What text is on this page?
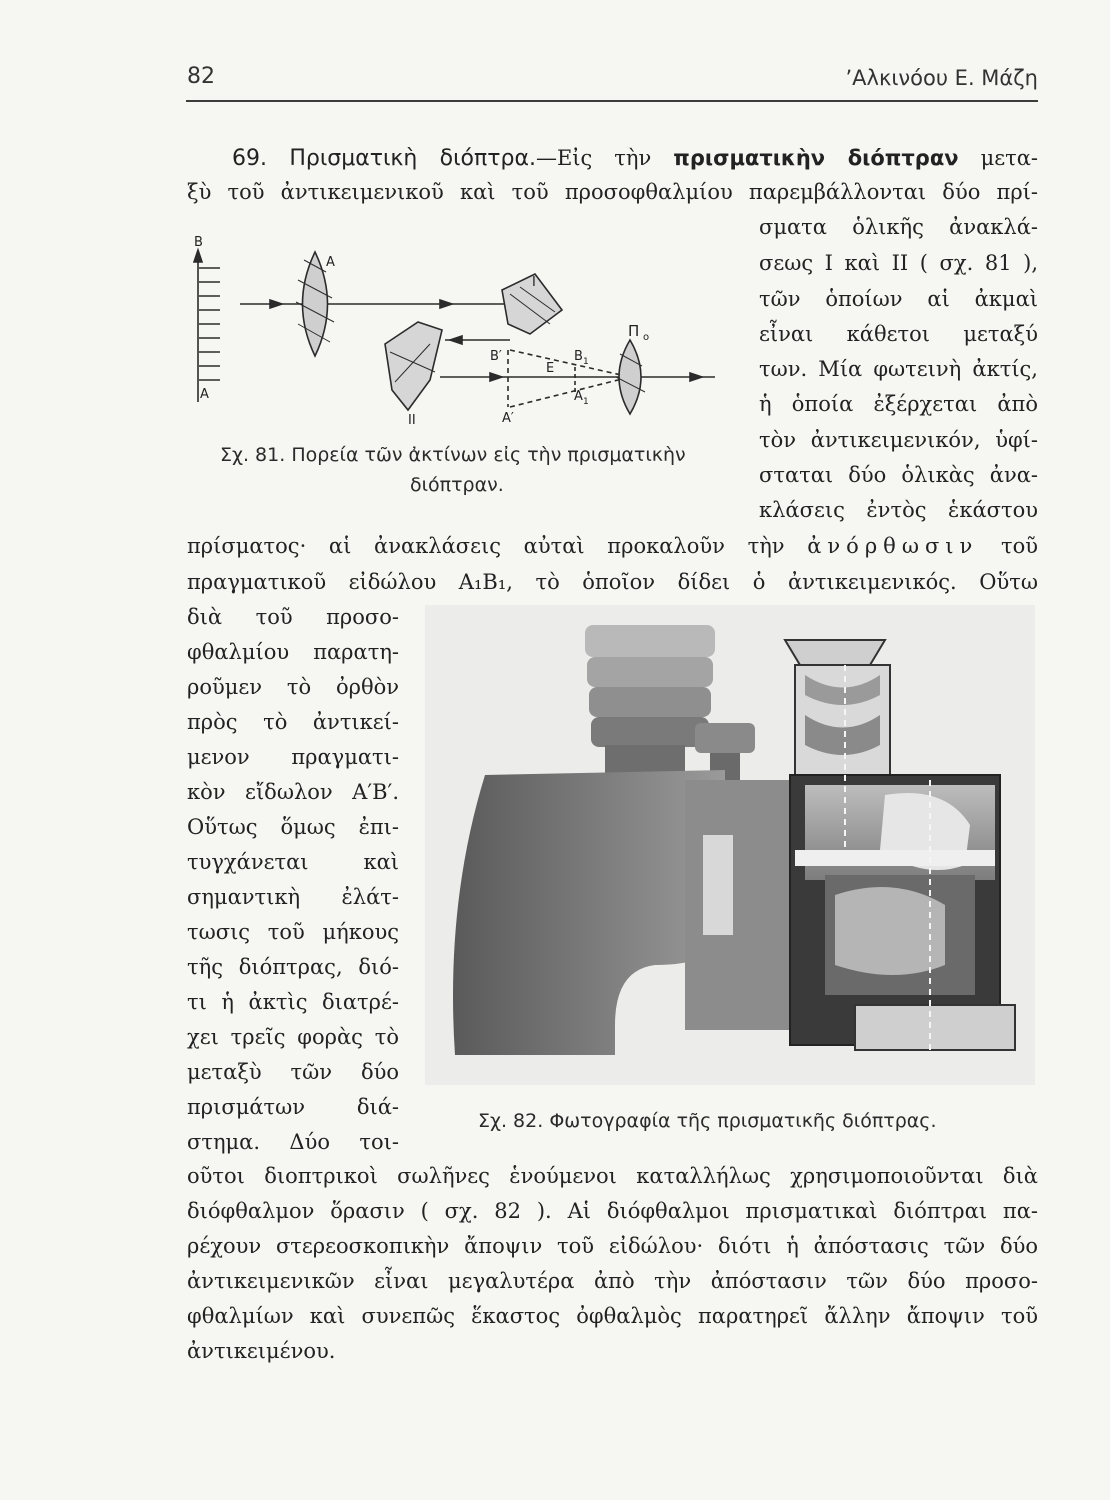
82	ʼΑλκινόου Ε. Μάζη
69. Πρισματικὴ διόπτρα.—Εἰς τὴν πρισματικὴν διόπτραν μετα-
ξὺ τοῦ ἀντικειμενικοῦ καὶ τοῦ προσοφθαλμίου παρεμβάλλονται δύο πρί-
σματα ὁλικῆς ἀνακλά-
σεως I καὶ II ( σχ. 81 ),
τῶν ὁποίων αἱ ἀκμαὶ
εἶναι κάθετοι μεταξύ
των. Μία φωτεινὴ ἀκτίς,
ἡ ὁποία ἐξέρχεται ἀπὸ
τὸν ἀντικειμενικόν, ὑφί-
σταται δύο ὁλικὰς ἀνα-
κλάσεις ἐντὸς ἑκάστου
B
A
A
I
II
Π o
B′
E
B 1
A 1
A′
Σχ. 81. Πορεία τῶν ἀκτίνων εἰς τὴν πρισματικὴν
διόπτραν.
πρίσματος· αἱ ἀνακλάσεις αὐταὶ προκαλοῦν τὴν ἀνόρθωσιν τοῦ
πραγματικοῦ εἰδώλου A₁B₁, τὸ ὁποῖον δίδει ὁ ἀντικειμενικός. Οὕτω
διὰ τοῦ προσο-
φθαλμίου παρατη-
ροῦμεν τὸ ὀρθὸν
πρὸς τὸ ἀντικεί-
μενον πραγματι-
κὸν εἴδωλον A′B′.
Οὕτως ὅμως ἐπι-
τυγχάνεται καὶ
σημαντικὴ ἐλάτ-
τωσις τοῦ μήκους
τῆς διόπτρας, διό-
τι ἡ ἀκτὶς διατρέ-
χει τρεῖς φορὰς τὸ
μεταξὺ τῶν δύο
πρισμάτων διά-
στημα. Δύο τοι-
Σχ. 82. Φωτογραφία τῆς πρισματικῆς διόπτρας.
οῦτοι διοπτρικοὶ σωλῆνες ἑνούμενοι καταλλήλως χρησιμοποιοῦνται διὰ
διόφθαλμον ὅρασιν ( σχ. 82 ). Αἱ διόφθαλμοι πρισματικαὶ διόπτραι πα-
ρέχουν στερεοσκοπικὴν ἄποψιν τοῦ εἰδώλου· διότι ἡ ἀπόστασις τῶν δύο
ἀντικειμενικῶν εἶναι μεγαλυτέρα ἀπὸ τὴν ἀπόστασιν τῶν δύο προσο-
φθαλμίων καὶ συνεπῶς ἕκαστος ὀφθαλμὸς παρατηρεῖ ἄλλην ἄποψιν τοῦ
ἀντικειμένου.
